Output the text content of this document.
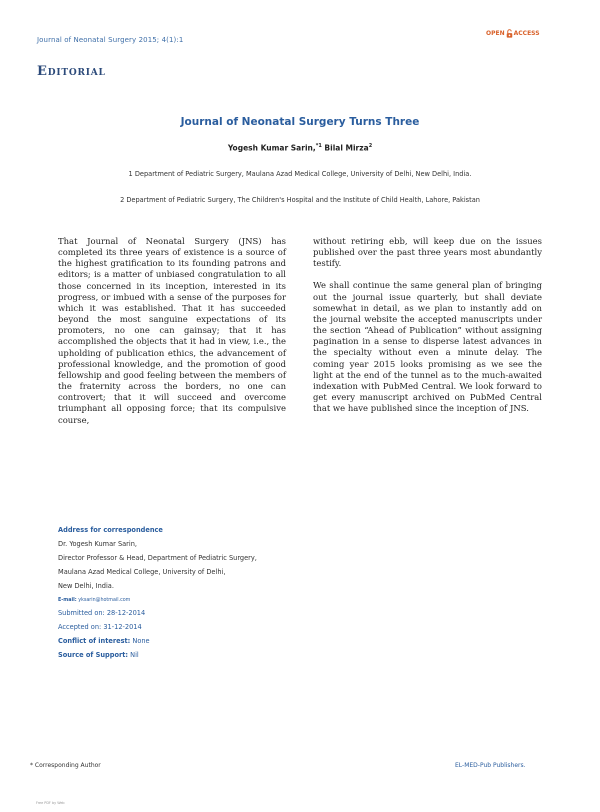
Journal of Neonatal Surgery 2015; 4(1):1
OPEN ACCESS
Editorial
Journal of Neonatal Surgery Turns Three
Yogesh Kumar Sarin,$^{*1}$ Bilal Mirza$^2$
1 Department of Pediatric Surgery, Maulana Azad Medical College, University of Delhi, New Delhi, India.
2 Department of Pediatric Surgery, The Children's Hospital and the Institute of Child Health, Lahore, Pakistan

That Journal of Neonatal Surgery (JNS) has completed its three years of existence is a source of the highest gratification to its founding patrons and editors; is a matter of unbiased congratulation to all those concerned in its inception, interested in its progress, or imbued with a sense of the purposes for which it was established. That it has succeeded beyond the most sanguine expectations of its promoters, no one can gainsay; that it has accomplished the objects that it had in view, i.e., the upholding of publication ethics, the advancement of professional knowledge, and the promotion of good fellowship and good feeling between the members of the fraternity across the borders, no one can controvert; that it will succeed and overcome triumphant all opposing force; that its compulsive course,

without retiring ebb, will keep due on the issues published over the past three years most abundantly testify.

We shall continue the same general plan of bringing out the journal issue quarterly, but shall deviate somewhat in detail, as we plan to instantly add on the journal website the accepted manuscripts under the section “Ahead of Publication” without assigning pagination in a sense to disperse latest advances in the specialty without even a minute delay. The coming year 2015 looks promising as we see the light at the end of the tunnel as to the much-awaited indexation with PubMed Central. We look forward to get every manuscript archived on PubMed Central that we have published since the inception of JNS.

Address for correspondence
Dr. Yogesh Kumar Sarin,
Director Professor & Head, Department of Pediatric Surgery,
Maulana Azad Medical College, University of Delhi,
New Delhi, India.
E-mail: yksarin@hotmail.com
Submitted on: 28-12-2014
Accepted on: 31-12-2014
Conflict of interest: None
Source of Support: Nil
* Corresponding Author	EL-MED-Pub Publishers.
Free PDF by Web
